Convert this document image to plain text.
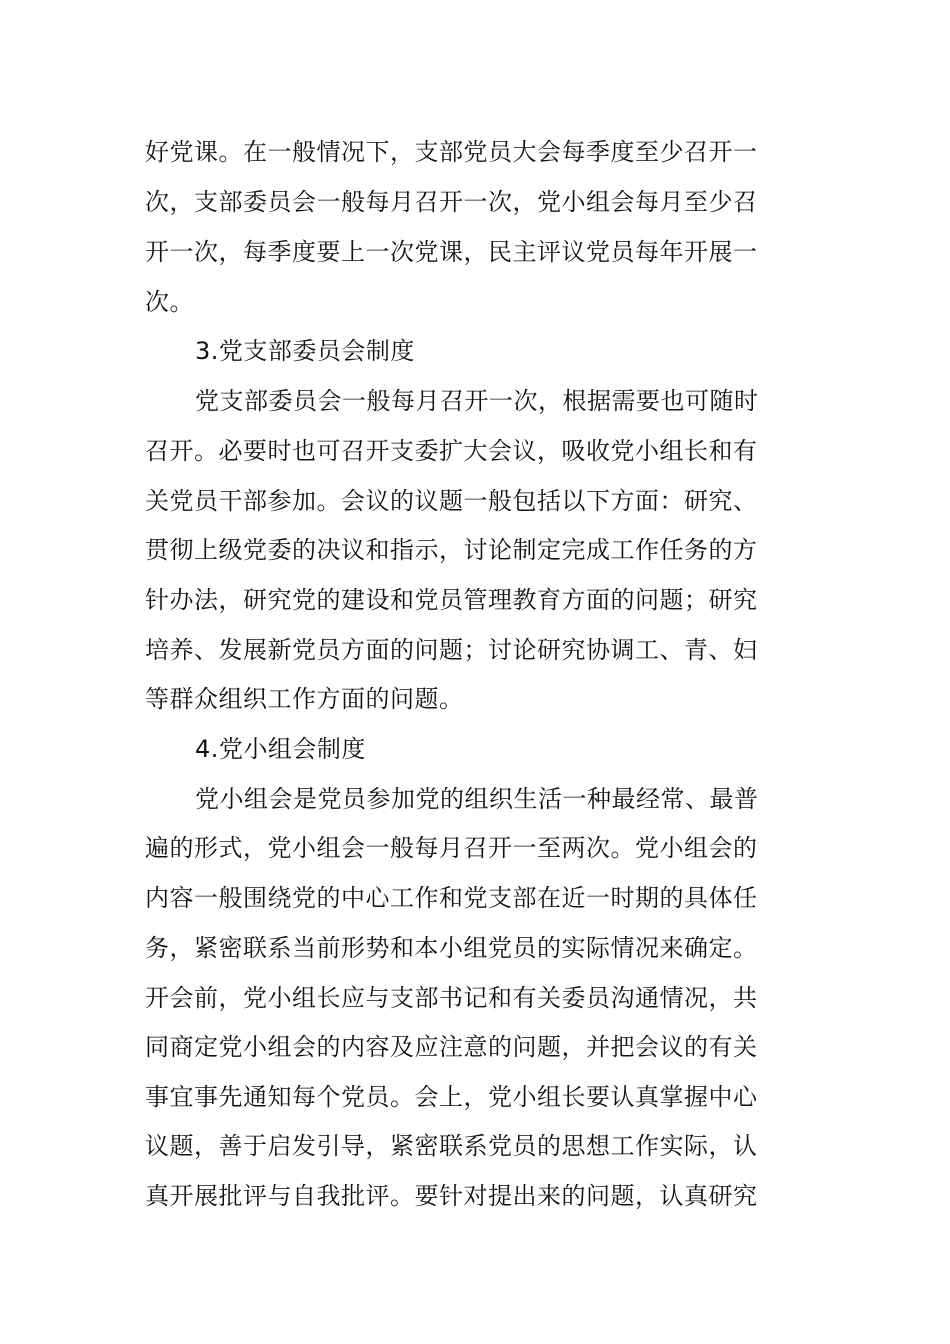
好党课。在一般情况下，支部党员大会每季度至少召开一
次，支部委员会一般每月召开一次，党小组会每月至少召
开一次，每季度要上一次党课，民主评议党员每年开展一
次。
3.党支部委员会制度
党支部委员会一般每月召开一次，根据需要也可随时
召开。必要时也可召开支委扩大会议，吸收党小组长和有
关党员干部参加。会议的议题一般包括以下方面：研究、
贯彻上级党委的决议和指示，讨论制定完成工作任务的方
针办法，研究党的建设和党员管理教育方面的问题；研究
培养、发展新党员方面的问题；讨论研究协调工、青、妇
等群众组织工作方面的问题。
4.党小组会制度
党小组会是党员参加党的组织生活一种最经常、最普
遍的形式，党小组会一般每月召开一至两次。党小组会的
内容一般围绕党的中心工作和党支部在近一时期的具体任
务，紧密联系当前形势和本小组党员的实际情况来确定。
开会前，党小组长应与支部书记和有关委员沟通情况，共
同商定党小组会的内容及应注意的问题，并把会议的有关
事宜事先通知每个党员。会上，党小组长要认真掌握中心
议题，善于启发引导，紧密联系党员的思想工作实际，认
真开展批评与自我批评。要针对提出来的问题，认真研究
